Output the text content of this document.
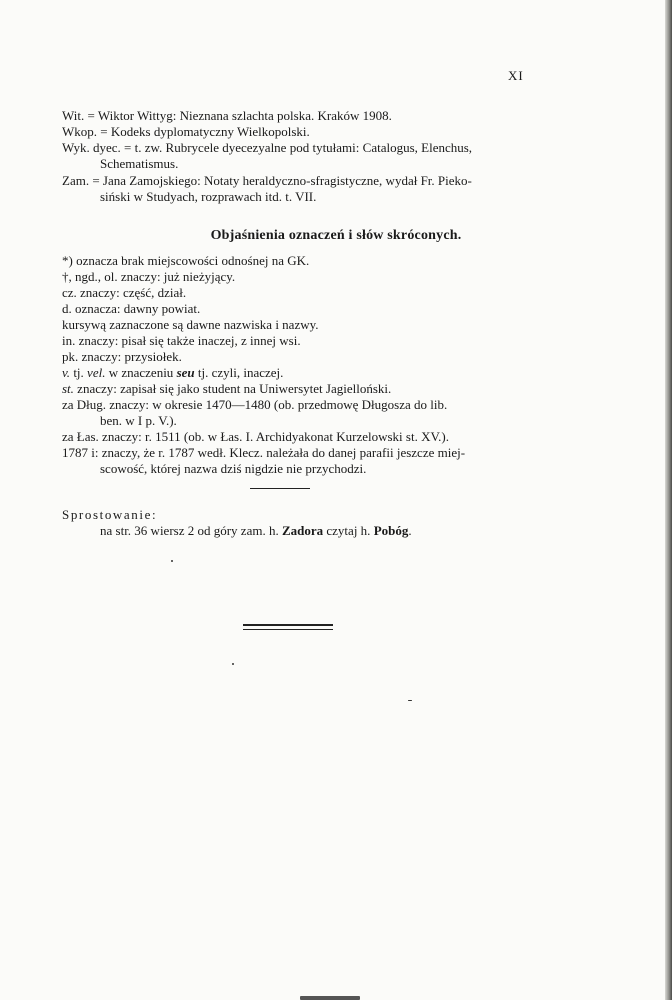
XI
Wit. = Wiktor Wittyg: Nieznana szlachta polska. Kraków 1908.
Wkop. = Kodeks dyplomatyczny Wielkopolski.
Wyk. dyec. = t. zw. Rubrycele dyecezyalne pod tytułami: Catalogus, Elenchus,
Schematismus.
Zam. = Jana Zamojskiego: Notaty heraldyczno-sfragistyczne, wydał Fr. Pieko-
siński w Studyach, rozprawach itd. t. VII.
Objaśnienia oznaczeń i słów skróconych.
*) oznacza brak miejscowości odnośnej na GK.
†, ngd., ol. znaczy: już nieżyjący.
cz. znaczy: część, dział.
d. oznacza: dawny powiat.
kursywą zaznaczone są dawne nazwiska i nazwy.
in. znaczy: pisał się także inaczej, z innej wsi.
pk. znaczy: przysiołek.
v. tj. vel. w znaczeniu seu tj. czyli, inaczej.
st. znaczy: zapisał się jako student na Uniwersytet Jagielloński.
za Dług. znaczy: w okresie 1470—1480 (ob. przedmowę Długosza do lib.
ben. w I p. V.).
za Łas. znaczy: r. 1511 (ob. w Łas. I. Archidyakonat Kurzelowski st. XV.).
1787 i: znaczy, że r. 1787 wedł. Klecz. należała do danej parafii jeszcze miej-
scowość, której nazwa dziś nigdzie nie przychodzi.
Sprostowanie:
na str. 36 wiersz 2 od góry zam. h. Zadora czytaj h. Pobóg.
